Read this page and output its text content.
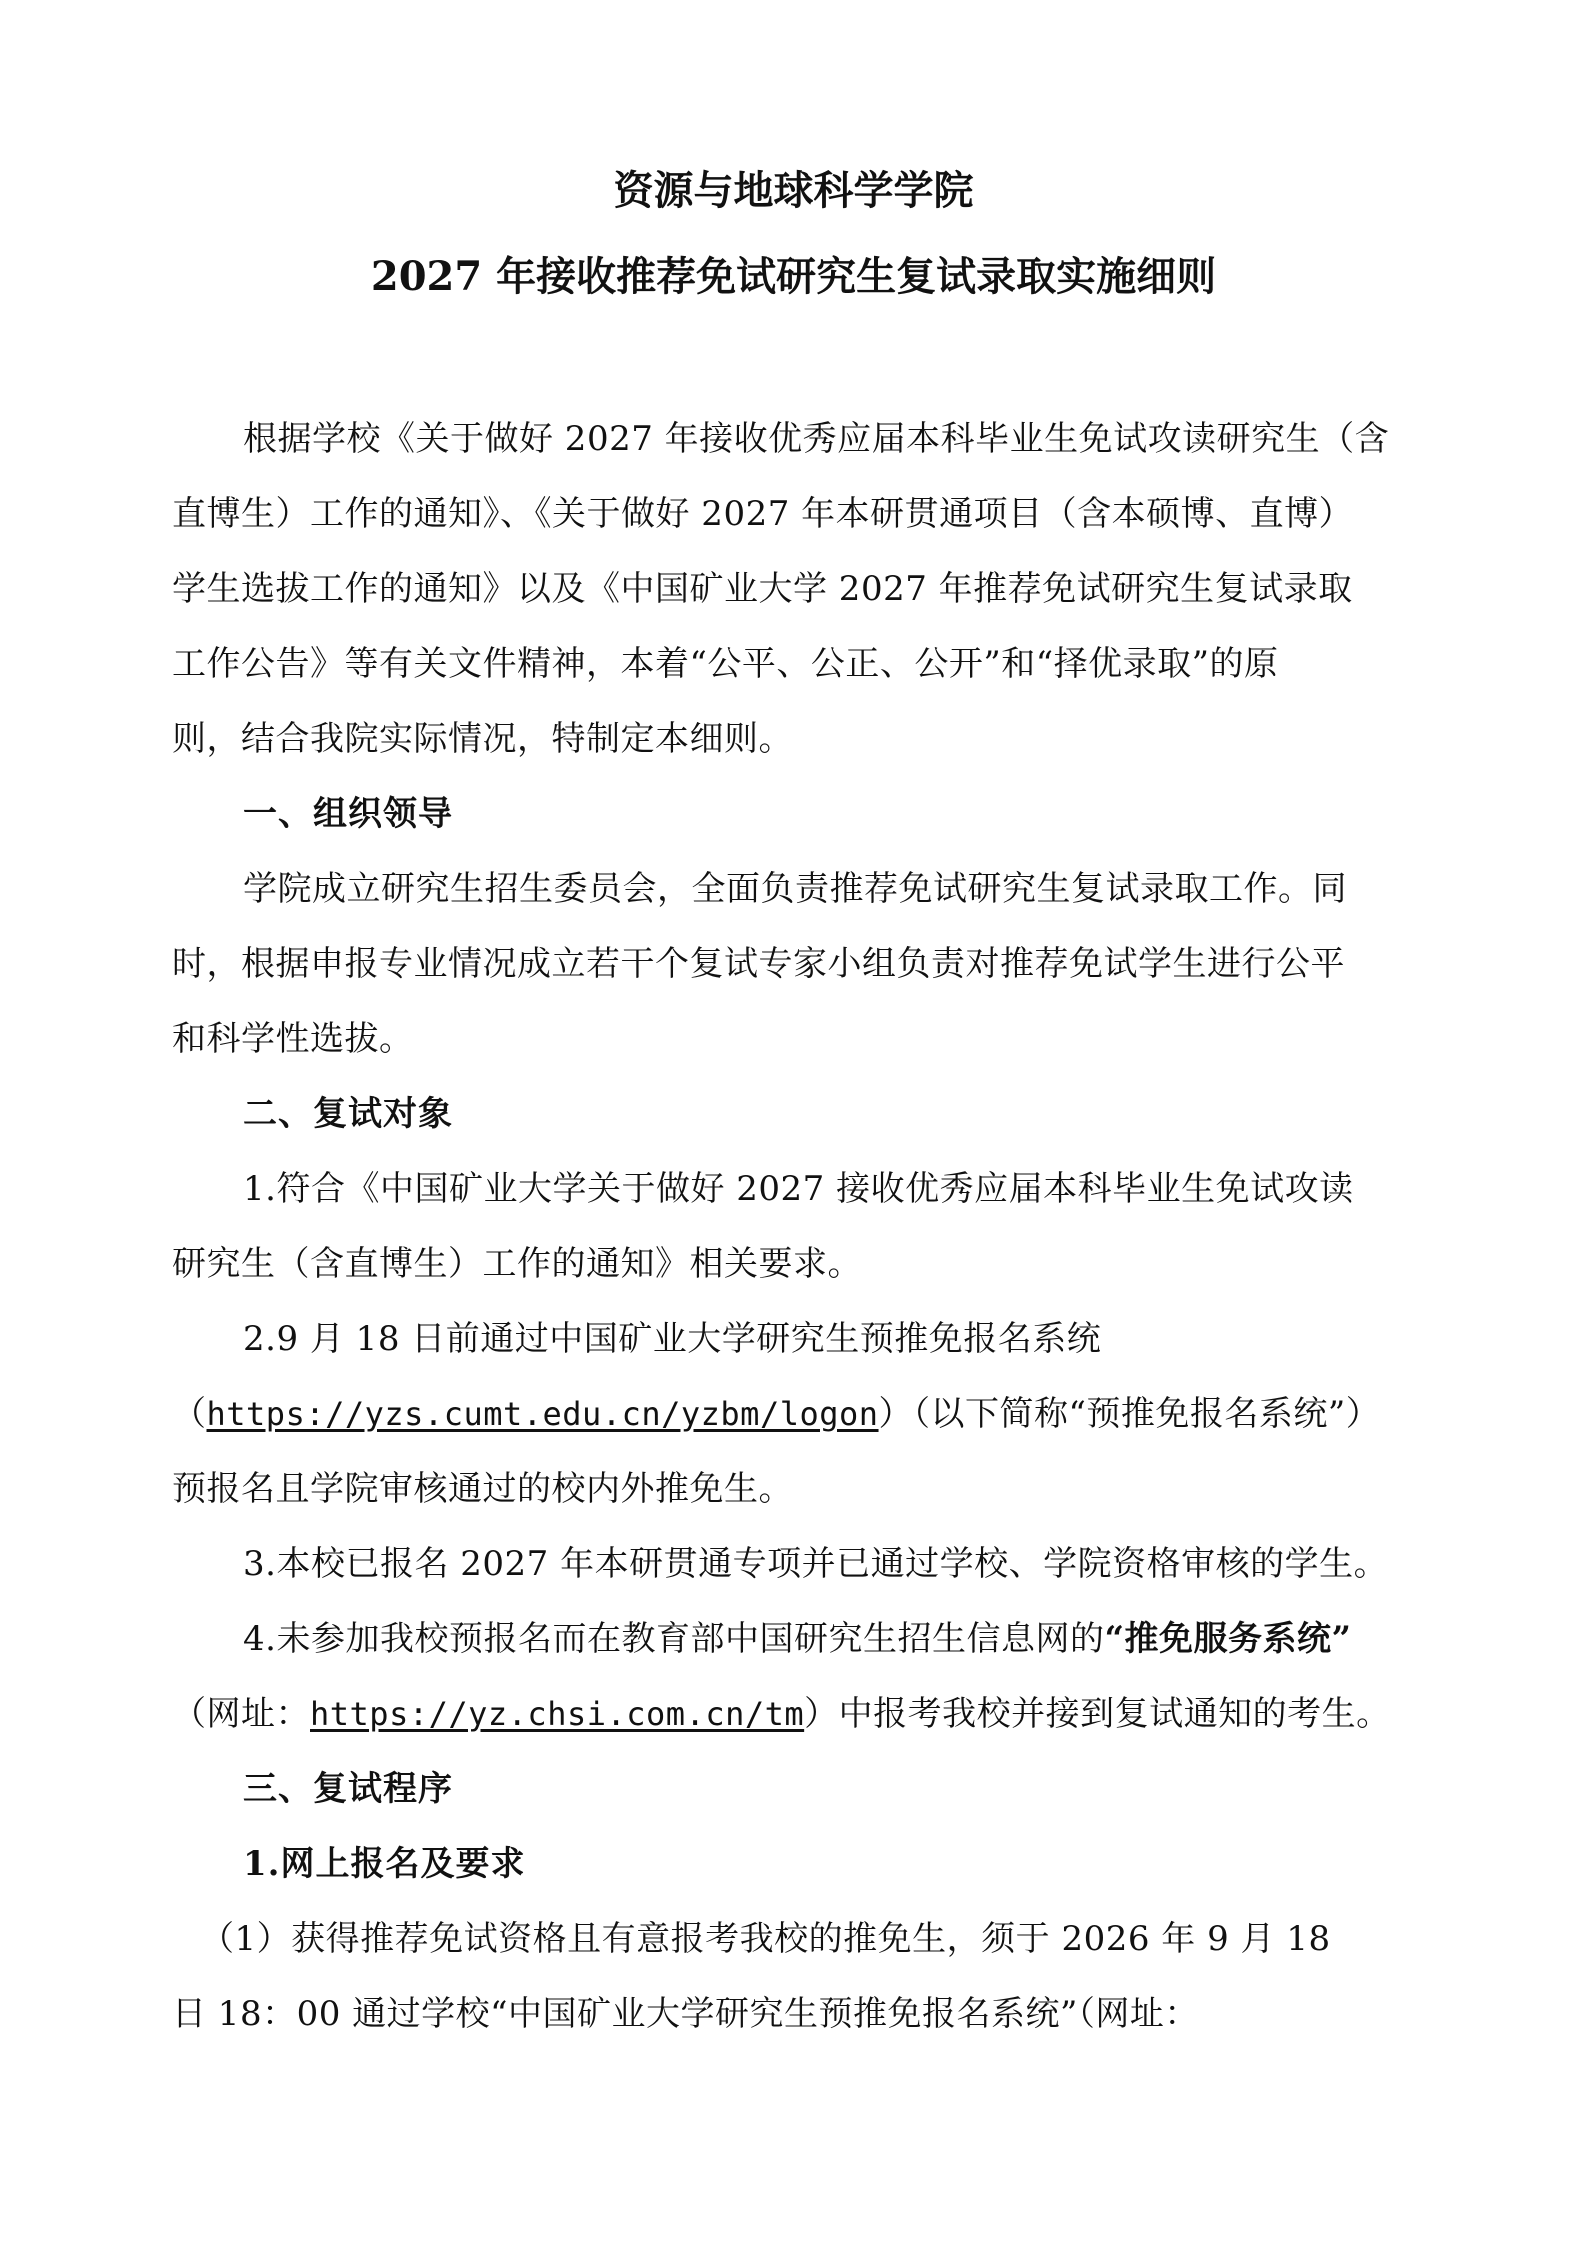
资源与地球科学学院
2027 年接收推荐免试研究生复试录取实施细则
根据学校《关于做好 2027 年接收优秀应届本科毕业生免试攻读研究生（含
直博生）工作的通知》、《关于做好 2027 年本研贯通项目（含本硕博、直博）
学生选拔工作的通知》以及《中国矿业大学 2027 年推荐免试研究生复试录取
工作公告》等有关文件精神，本着“公平、公正、公开”和“择优录取”的原
则，结合我院实际情况，特制定本细则。
一、组织领导
学院成立研究生招生委员会，全面负责推荐免试研究生复试录取工作。同
时，根据申报专业情况成立若干个复试专家小组负责对推荐免试学生进行公平
和科学性选拔。
二、复试对象
1.符合《中国矿业大学关于做好 2027 接收优秀应届本科毕业生免试攻读
研究生（含直博生）工作的通知》相关要求。
2.9 月 18 日前通过中国矿业大学研究生预推免报名系统
（https://yzs.cumt.edu.cn/yzbm/logon）（以下简称“预推免报名系统”）
预报名且学院审核通过的校内外推免生。
3.本校已报名 2027 年本研贯通专项并已通过学校、学院资格审核的学生。
4.未参加我校预报名而在教育部中国研究生招生信息网的“推免服务系统”
（网址：https://yz.chsi.com.cn/tm）中报考我校并接到复试通知的考生。
三、复试程序
1.网上报名及要求
（1）获得推荐免试资格且有意报考我校的推免生，须于 2026 年 9 月 18
日 18：00 通过学校“中国矿业大学研究生预推免报名系统”（网址：
